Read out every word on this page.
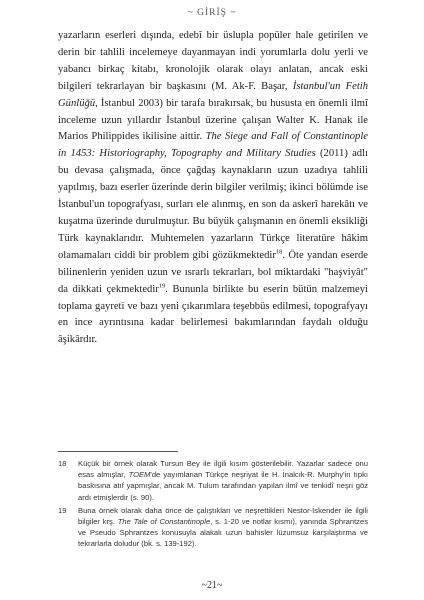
~ GİRİŞ ~

yazarların eserleri dışında, edebî bir üslupla popüler hale getirilen ve derin bir tahlili incelemeye dayanmayan indi yorumlarla dolu yerli ve yabancı birkaç kitabı, kronolojik olarak olayı anlatan, ancak eski bilgileri tekrarlayan bir başkasını (M. Ak-F. Başar, İstanbul'un Fetih Günlüğü, İstanbul 2003) bir tarafa bırakırsak, bu hususta en önemli ilmî inceleme uzun yıllardır İstanbul üzerine çalışan Walter K. Hanak ile Marios Philippides ikilisine aittir. The Siege and Fall of Constantinople in 1453: Historiography, Topography and Military Studies (2011) adlı bu devasa çalışmada, önce çağdaş kaynakların uzun uzadıya tahlili yapılmış, bazı eserler üzerinde derin bilgiler verilmiş; ikinci bölümde ise İstanbul'un topografyası, surları ele alınmış, en son da askerî harekâtı ve kuşatma üzerinde durulmuştur. Bu büyük çalışmanın en önemli eksikliği Türk kaynaklarıdır. Muhtemelen yazarların Türkçe literatüre hâkim olamamaları ciddi bir problem gibi gözükmektedir$^{18}$. Öte yandan eserde bilinenlerin yeniden uzun ve ısrarlı tekrarları, bol miktardaki "haşviyât" da dikkati çekmektedir$^{19}$. Bununla birlikte bu eserin bütün malzemeyi toplama gayreti ve bazı yeni çıkarımlara teşebbüs edilmesi, topografyayı en ince ayrıntısına kadar belirlemesi bakımlarından faydalı olduğu âşikârdır.

18	Küçük bir örnek olarak Tursun Bey ile ilgili kısım gösterilebilir. Yazarlar sadece onu esas almışlar, TOEM'de yayımlanan Türkçe neşriyat ile H. İnalcık-R. Murphy'in tıpkı baskısına atıf yapmışlar, ancak M. Tulum tarafından yapılan ilmî ve tenkidî neşri göz ardı etmişlerdir (s. 90).
19	Buna örnek olarak daha önce de çalıştıkları ve neşrettikleri Nestor-İskender ile ilgili bilgiler krş. The Tale of Constantinople, s. 1-20 ve notlar kısmı), yanında Sphrantzes ve Pseudo Sphrantzes konusuyla alakalı uzun bahisler lüzumsuz karşılaştırma ve tekrarlarla doludur (bk. s. 139-192).
~21~
